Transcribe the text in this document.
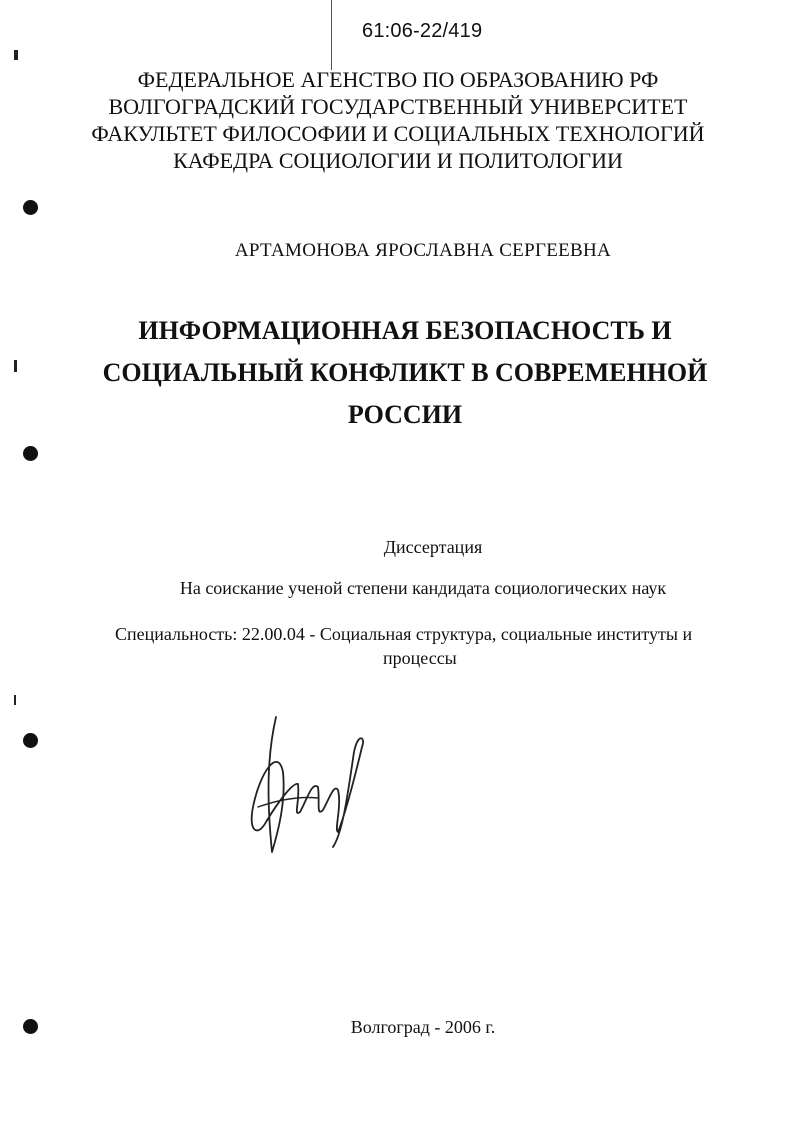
61:06-22/419
ФЕДЕРАЛЬНОЕ АГЕНСТВО ПО ОБРАЗОВАНИЮ РФ
ВОЛГОГРАДСКИЙ ГОСУДАРСТВЕННЫЙ УНИВЕРСИТЕТ
ФАКУЛЬТЕТ ФИЛОСОФИИ И СОЦИАЛЬНЫХ ТЕХНОЛОГИЙ
КАФЕДРА СОЦИОЛОГИИ И ПОЛИТОЛОГИИ
АРТАМОНОВА ЯРОСЛАВНА СЕРГЕЕВНА
ИНФОРМАЦИОННАЯ БЕЗОПАСНОСТЬ И
СОЦИАЛЬНЫЙ КОНФЛИКТ В СОВРЕМЕННОЙ
РОССИИ
Диссертация
На соискание ученой степени кандидата социологических наук
Специальность: 22.00.04 - Социальная структура, социальные институты и
процессы
Волгоград - 2006 г.
